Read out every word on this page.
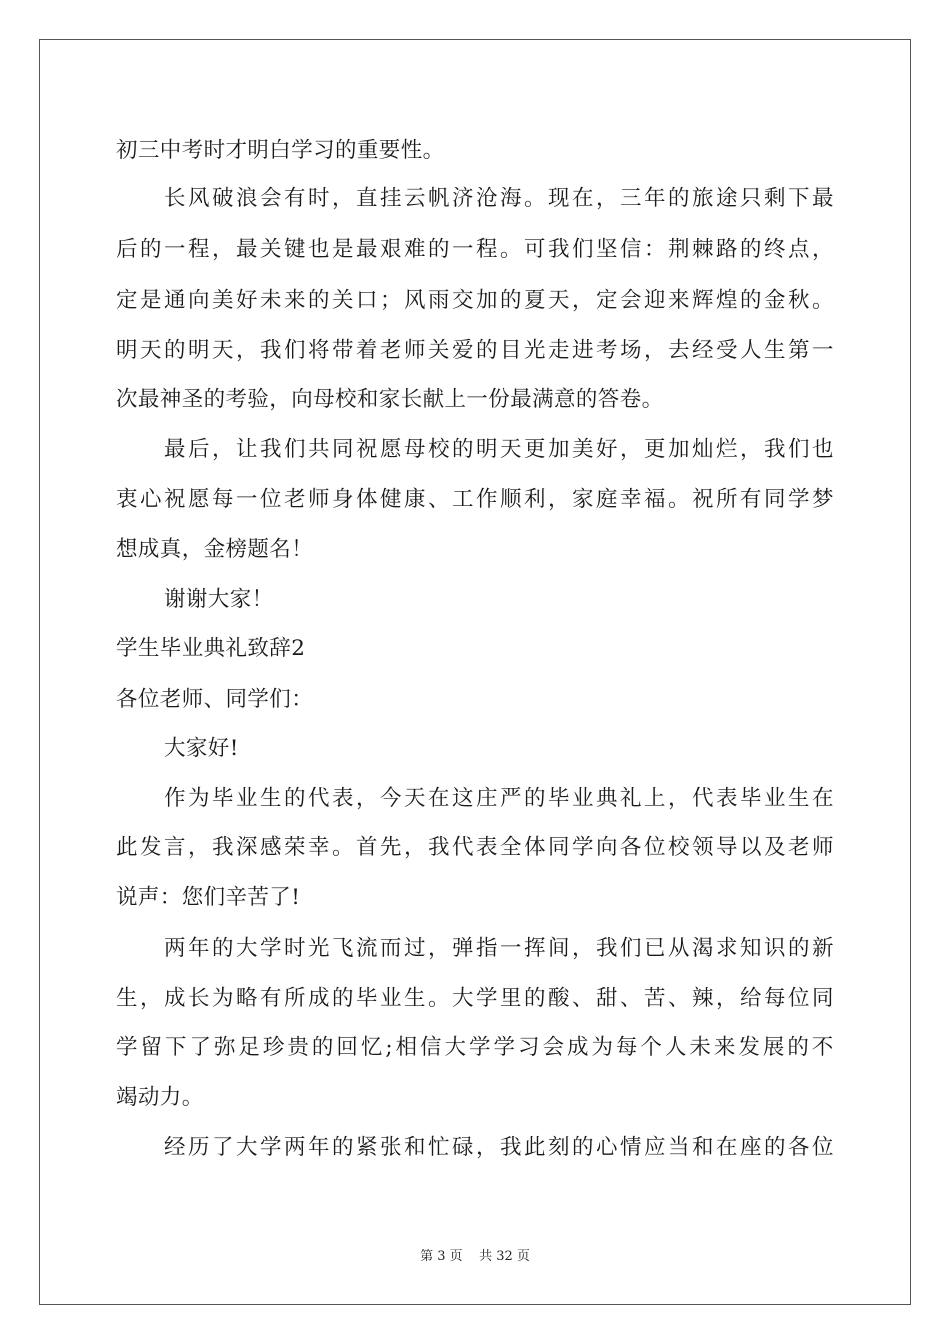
初三中考时才明白学习的重要性。
长 风 破 浪 会 有 时 ， 直 挂 云 帆 济 沧 海 。 现 在 ， 三 年 的 旅 途 只 剩 下 最
后 的 一 程 ， 最 关 键 也 是 最 艰 难 的 一 程 。 可 我 们 坚 信 ： 荆 棘 路 的 终 点 ，
定 是 通 向 美 好 未 来 的 关 口 ； 风 雨 交 加 的 夏 天 ， 定 会 迎 来 辉 煌 的 金 秋 。
明 天 的 明 天 ， 我 们 将 带 着 老 师 关 爱 的 目 光 走 进 考 场 ， 去 经 受 人 生 第 一
次最神圣的考验，向母校和家长献上一份最满意的答卷。
最 后 ， 让 我 们 共 同 祝 愿 母 校 的 明 天 更 加 美 好 ， 更 加 灿 烂 ， 我 们 也
衷 心 祝 愿 每 一 位 老 师 身 体 健 康 、 工 作 顺 利 ， 家 庭 幸 福 。 祝 所 有 同 学 梦
想成真，金榜题名！
谢谢大家！
学生毕业典礼致辞2
各位老师、同学们：
大家好!
作 为 毕 业 生 的 代 表 ， 今 天 在 这 庄 严 的 毕 业 典 礼 上 ， 代 表 毕 业 生 在
此 发 言 ， 我 深 感 荣 幸 。 首 先 ， 我 代 表 全 体 同 学 向 各 位 校 领 导 以 及 老 师
说声：您们辛苦了!
两 年 的 大 学 时 光 飞 流 而 过 ， 弹 指 一 挥 间 ， 我 们 已 从 渴 求 知 识 的 新
生 ， 成 长 为 略 有 所 成 的 毕 业 生 。 大 学 里 的 酸 、 甜 、 苦 、 辣 ， 给 每 位 同
学 留 下 了 弥 足 珍 贵 的 回 忆 ; 相 信 大 学 学 习 会 成 为 每 个 人 未 来 发 展 的 不
竭动力。
经 历 了 大 学 两 年 的 紧 张 和 忙 碌 ， 我 此 刻 的 心 情 应 当 和 在 座 的 各 位
第 3 页    共 32 页
